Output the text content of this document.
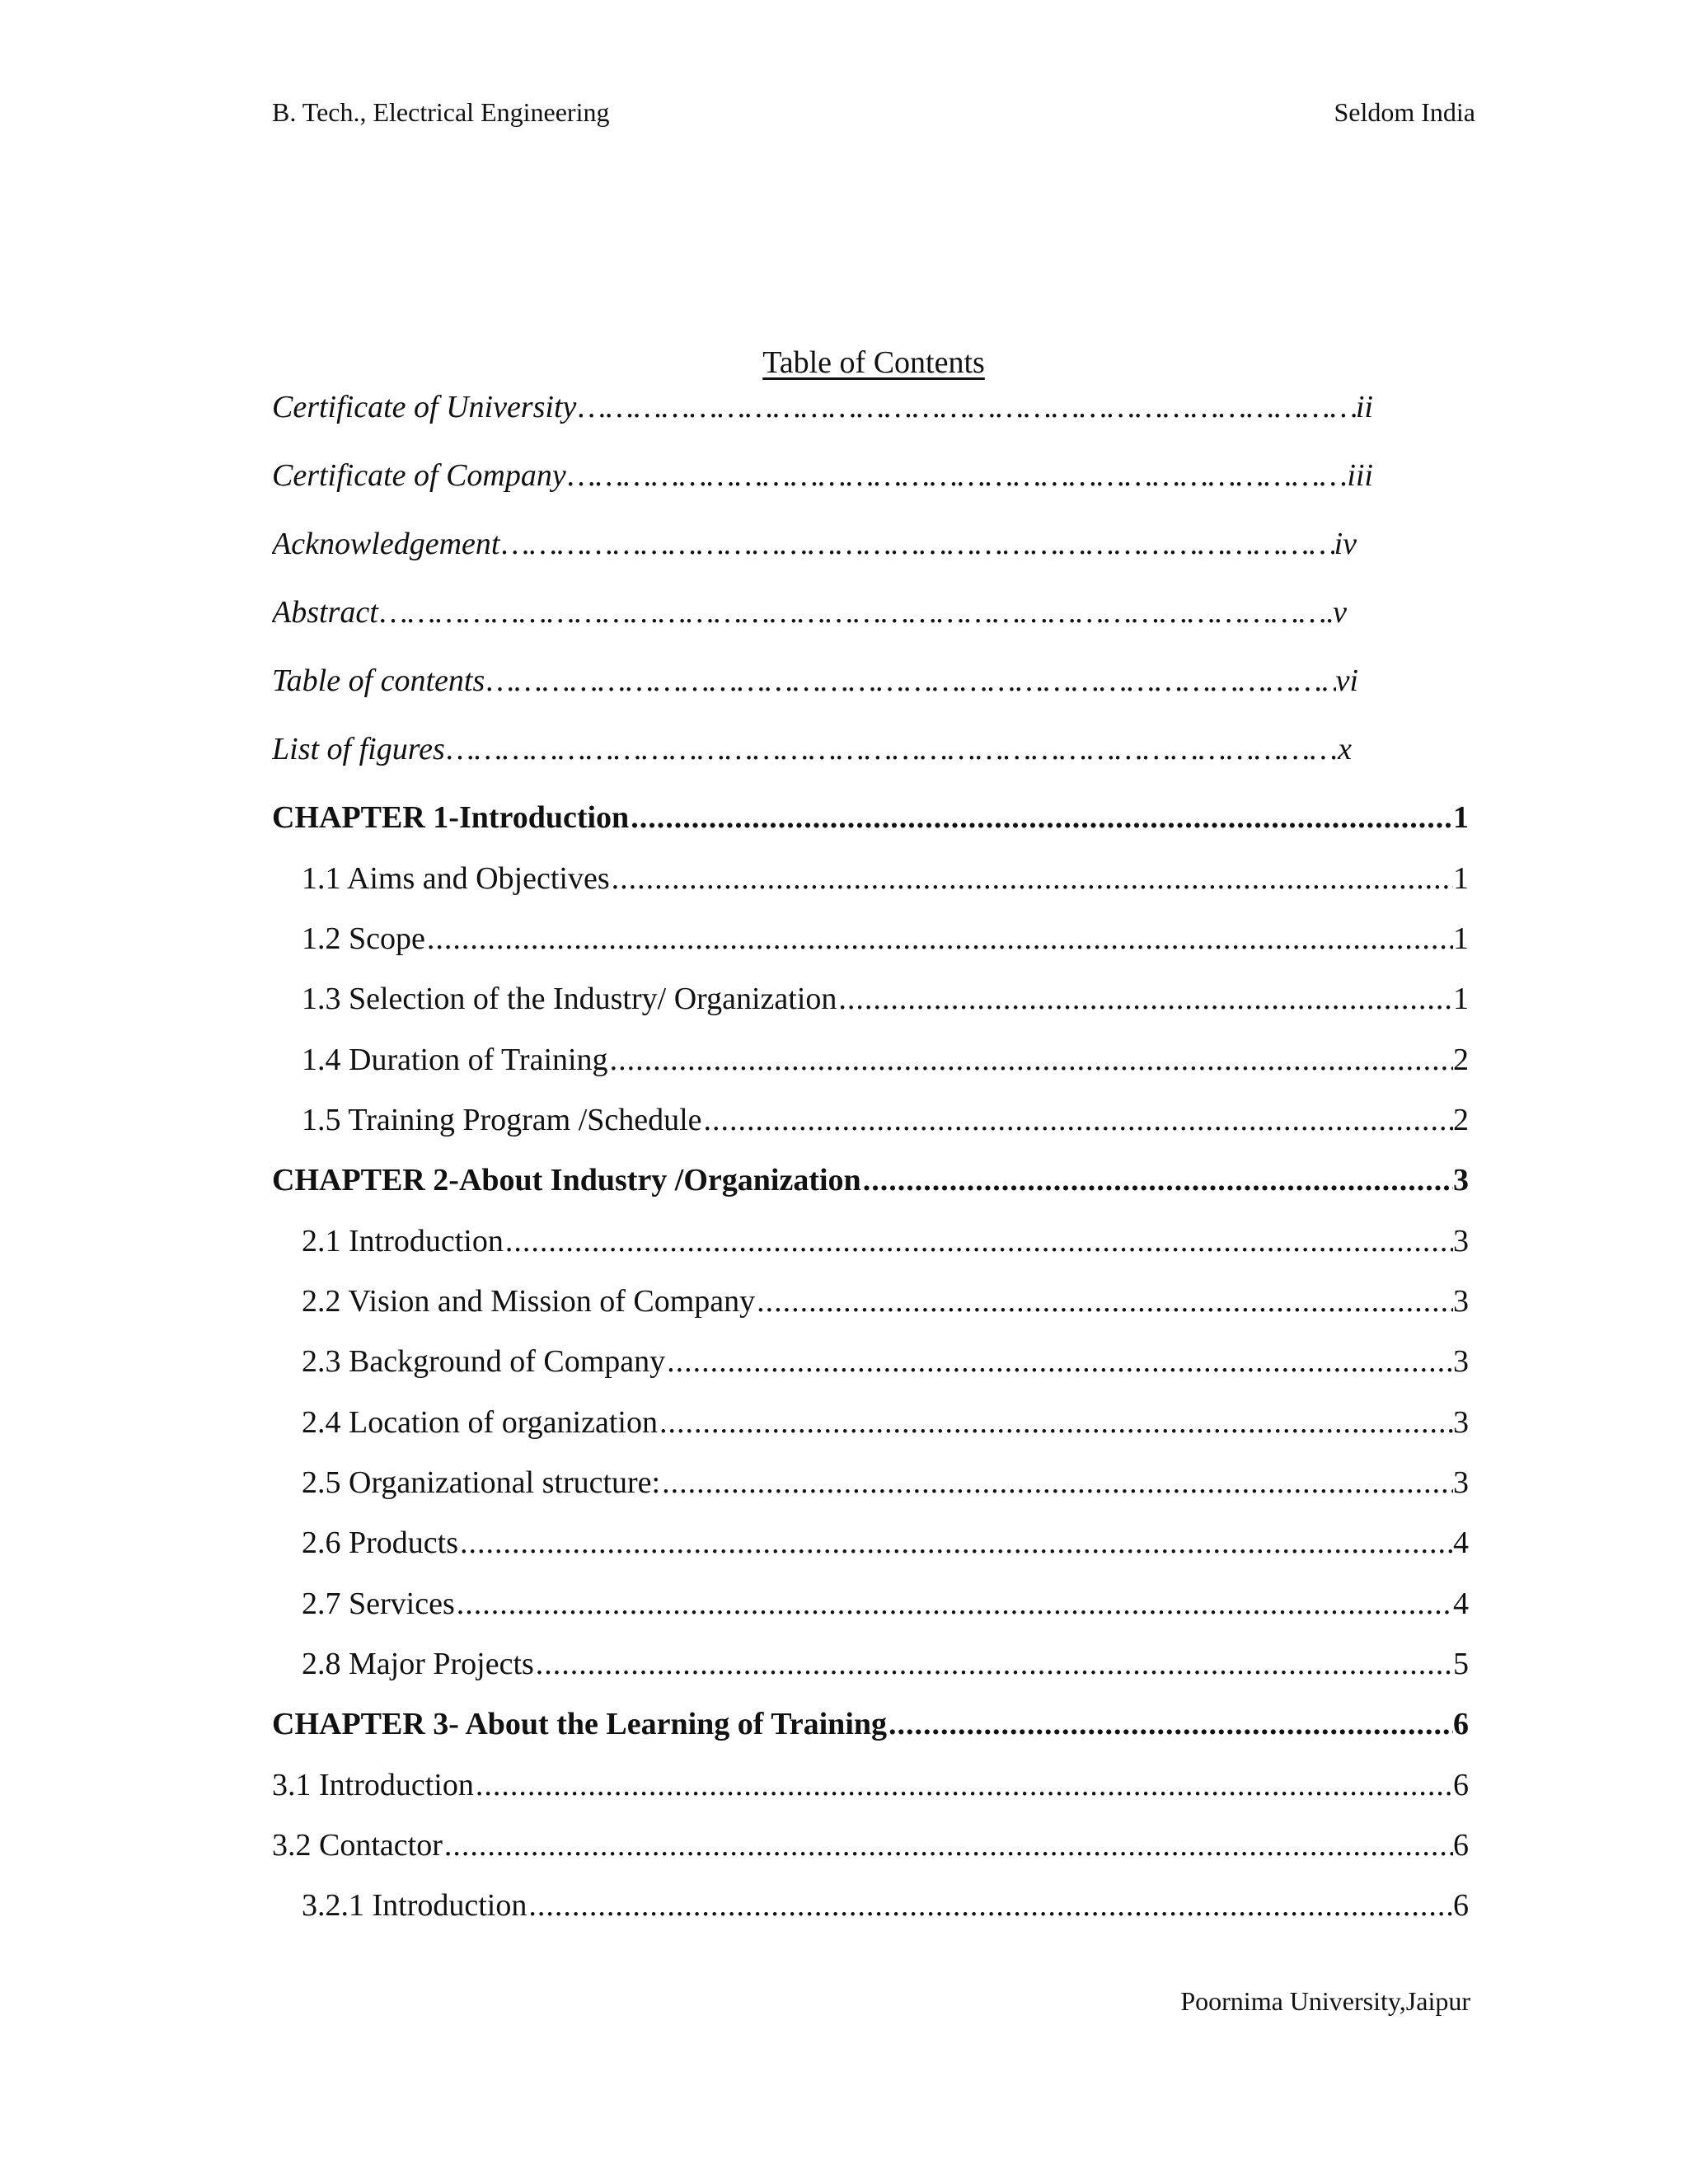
B. Tech., Electrical Engineering	Seldom India
Table of Contents
Certificate of University …………………………………………………………………………………………………………………………………………………………………………………………	ii
Certificate of Company …………………………………………………………………………………………………………………………………………………………………………………………	iii
Acknowledgement …………………………………………………………………………………………………………………………………………………………………………………………	iv
Abstract …………………………………………………………………………………………………………………………………………………………………………………………	v
Table of contents …………………………………………………………………………………………………………………………………………………………………………………………	vi
List of figures …………………………………………………………………………………………………………………………………………………………………………………………	x
CHAPTER 1-Introduction .....	1
1.1 Aims and Objectives .....	1
1.2 Scope .....	1
1.3 Selection of the Industry/ Organization .....	1
1.4 Duration of Training .....	2
1.5 Training Program /Schedule .....	2
CHAPTER 2-About Industry /Organization .....	3
2.1 Introduction .....	3
2.2 Vision and Mission of Company .....	3
2.3 Background of Company .....	3
2.4 Location of organization .....	3
2.5 Organizational structure: .....	3
2.6 Products .....	4
2.7 Services .....	4
2.8 Major Projects .....	5
CHAPTER 3- About the Learning of Training .....	6
3.1 Introduction .....	6
3.2 Contactor .....	6
3.2.1 Introduction .....	6
Poornima University,Jaipur
